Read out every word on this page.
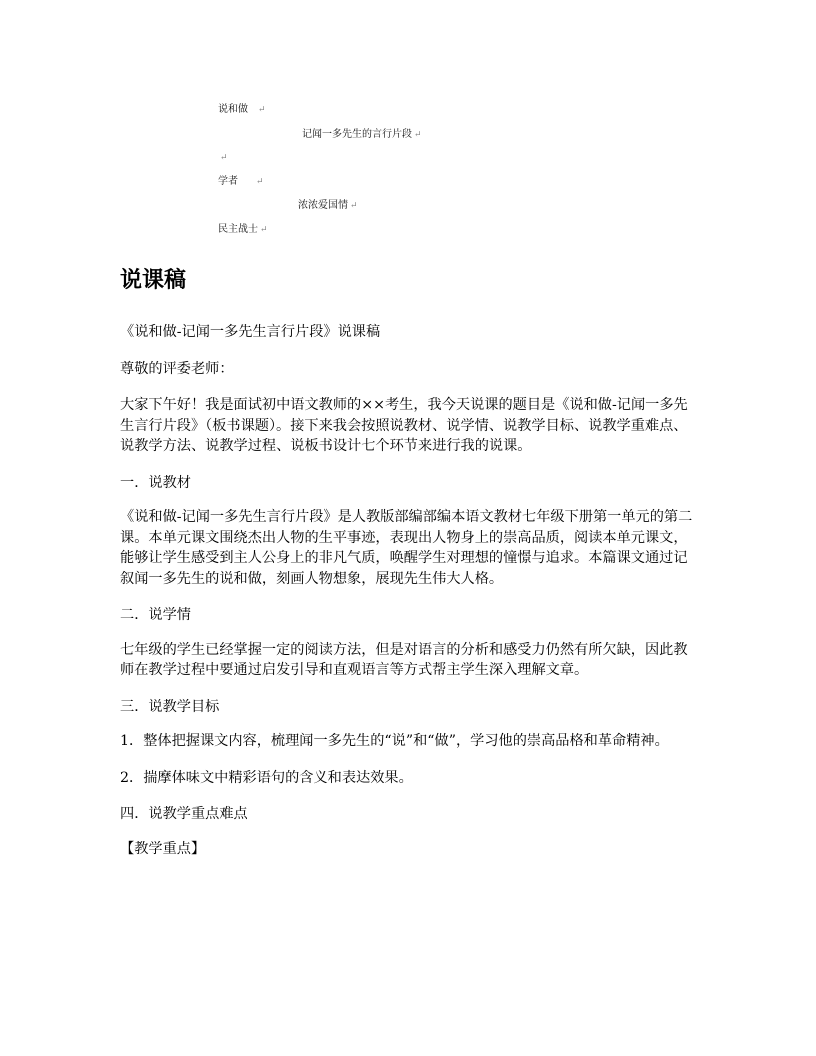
说和做 ↵
记闻一多先生的言行片段 ↵
↵
学者 ↵
浓浓爱国情 ↵
民主战士 ↵
说课稿

《说和做-记闻一多先生言行片段》说课稿

尊敬的评委老师：

大家下午好！我是面试初中语文教师的××考生，我今天说课的题目是《说和做-记闻一多先生言行片段》（板书课题）。接下来我会按照说教材、说学情、说教学目标、说教学重难点、说教学方法、说教学过程、说板书设计七个环节来进行我的说课。

一．说教材

《说和做-记闻一多先生言行片段》是人教版部编部编本语文教材七年级下册第一单元的第二课。本单元课文围绕杰出人物的生平事迹，表现出人物身上的崇高品质，阅读本单元课文，能够让学生感受到主人公身上的非凡气质，唤醒学生对理想的憧憬与追求。本篇课文通过记叙闻一多先生的说和做，刻画人物想象，展现先生伟大人格。

二．说学情

七年级的学生已经掌握一定的阅读方法，但是对语言的分析和感受力仍然有所欠缺，因此教师在教学过程中要通过启发引导和直观语言等方式帮主学生深入理解文章。

三．说教学目标

1．整体把握课文内容，梳理闻一多先生的“说”和“做”，学习他的崇高品格和革命精神。

2．揣摩体味文中精彩语句的含义和表达效果。

四．说教学重点难点

【教学重点】
